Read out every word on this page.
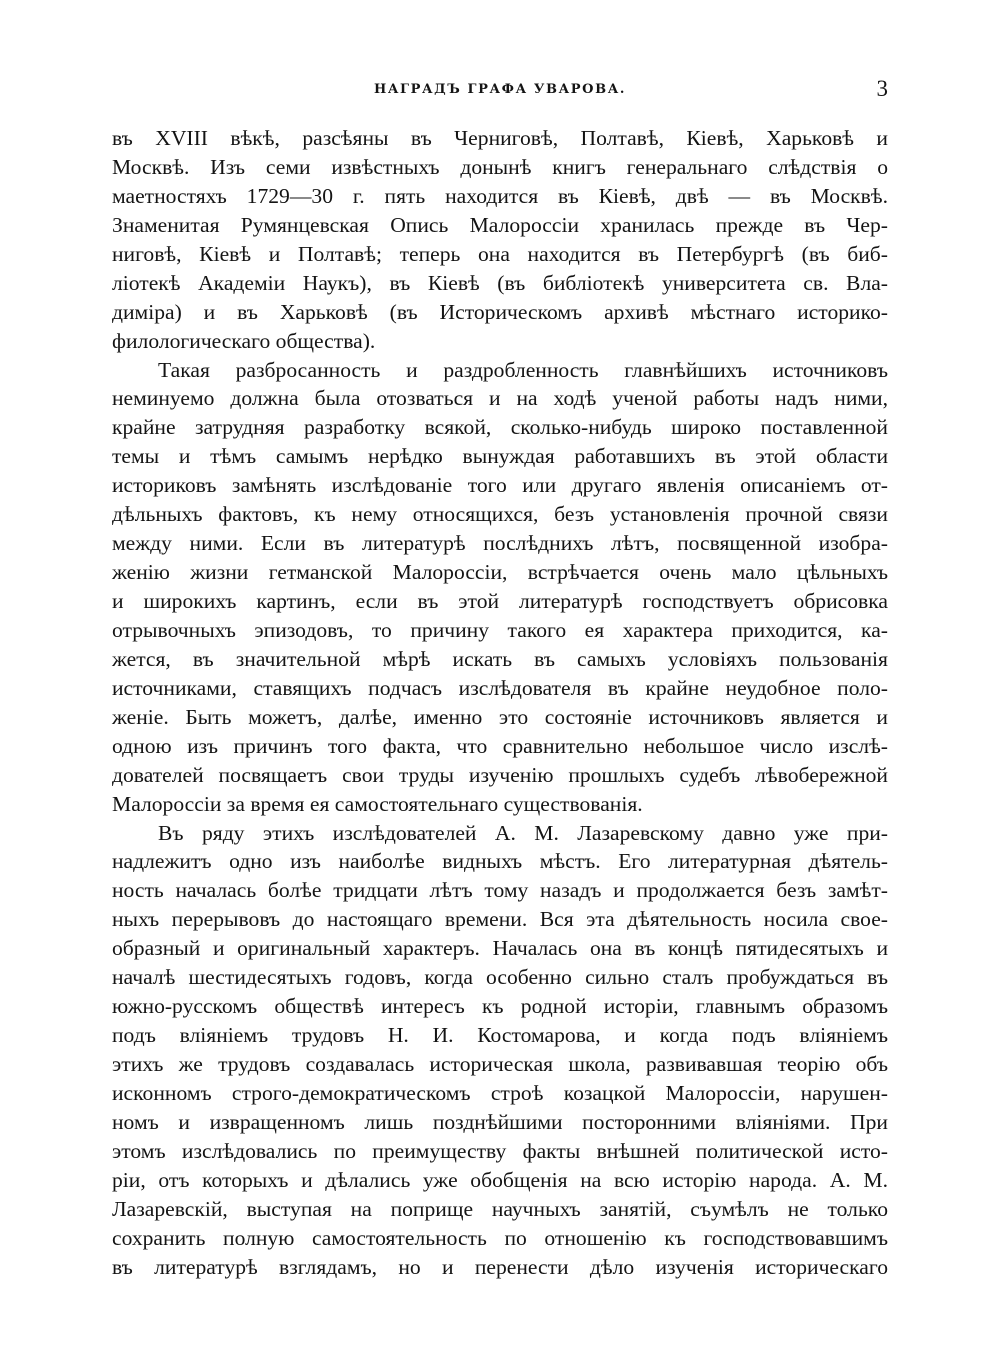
НАГРАДЪ ГРАФА УВАРОВА.	3
въ XVIII вѣкѣ, разсѣяны въ Черниговѣ, Полтавѣ, Кіевѣ, Харьковѣ и
Москвѣ. Изъ семи извѣстныхъ донынѣ книгъ генеральнаго слѣдствія о
маетностяхъ 1729—30 г. пять находится въ Кіевѣ, двѣ — въ Москвѣ.
Знаменитая Румянцевская Опись Малороссіи хранилась прежде въ Чер-
ниговѣ, Кіевѣ и Полтавѣ; теперь она находится въ Петербургѣ (въ биб-
ліотекѣ Академіи Наукъ), въ Кіевѣ (въ библіотекѣ университета св. Вла-
диміра) и въ Харьковѣ (въ Историческомъ архивѣ мѣстнаго историко-
филологическаго общества).
Такая разбросанность и раздробленность главнѣйшихъ источниковъ
неминуемо должна была отозваться и на ходѣ ученой работы надъ ними,
крайне затрудняя разработку всякой, сколько-нибудь широко поставленной
темы и тѣмъ самымъ нерѣдко вынуждая работавшихъ въ этой области
историковъ замѣнять изслѣдованіе того или другаго явленія описаніемъ от-
дѣльныхъ фактовъ, къ нему относящихся, безъ установленія прочной связи
между ними. Если въ литературѣ послѣднихъ лѣтъ, посвященной изобра-
женію жизни гетманской Малороссіи, встрѣчается очень мало цѣльныхъ
и широкихъ картинъ, если въ этой литературѣ господствуетъ обрисовка
отрывочныхъ эпизодовъ, то причину такого ея характера приходится, ка-
жется, въ значительной мѣрѣ искать въ самыхъ условіяхъ пользованія
источниками, ставящихъ подчасъ изслѣдователя въ крайне неудобное поло-
женіе. Быть можетъ, далѣе, именно это состояніе источниковъ является и
одною изъ причинъ того факта, что сравнительно небольшое число изслѣ-
дователей посвящаетъ свои труды изученію прошлыхъ судебъ лѣвобережной
Малороссіи за время ея самостоятельнаго существованія.
Въ ряду этихъ изслѣдователей А. М. Лазаревскому давно уже при-
надлежитъ одно изъ наиболѣе видныхъ мѣстъ. Его литературная дѣятель-
ность началась болѣе тридцати лѣтъ тому назадъ и продолжается безъ замѣт-
ныхъ перерывовъ до настоящаго времени. Вся эта дѣятельность носила свое-
образный и оригинальный характеръ. Началась она въ концѣ пятидесятыхъ и
началѣ шестидесятыхъ годовъ, когда особенно сильно сталъ пробуждаться въ
южно-русскомъ обществѣ интересъ къ родной исторіи, главнымъ образомъ
подъ вліяніемъ трудовъ Н. И. Костомарова, и когда подъ вліяніемъ
этихъ же трудовъ создавалась историческая школа, развивавшая теорію объ
исконномъ строго-демократическомъ строѣ козацкой Малороссіи, нарушен-
номъ и извращенномъ лишь позднѣйшими посторонними вліяніями. При
этомъ изслѣдовались по преимуществу факты внѣшней политической исто-
ріи, отъ которыхъ и дѣлались уже обобщенія на всю исторію народа. А. М.
Лазаревскій, выступая на поприще научныхъ занятій, съумѣлъ не только
сохранить полную самостоятельность по отношенію къ господствовавшимъ
въ литературѣ взглядамъ, но и перенести дѣло изученія историческаго
